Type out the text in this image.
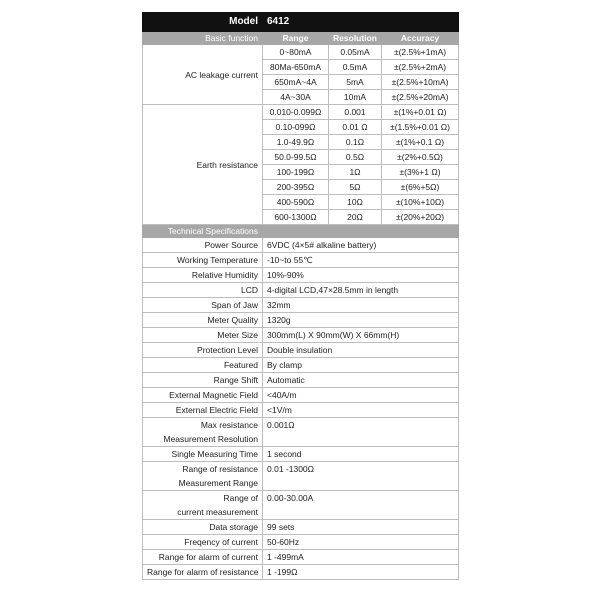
Model	6412		
Basic function	Range	Resolution	Accuracy
AC leakage current	0~80mA	0.05mA	±(2.5%+1mA)
	80Ma-650mA	0.5mA	±(2.5%+2mA)
	650mA~4A	5mA	±(2.5%+10mA)
	4A~30A	10mA	±(2.5%+20mA)
Earth resistance	0.010-0.099Ω	0.001	±(1%+0.01 Ω)
	0.10-099Ω	0.01 Ω	±(1.5%+0.01 Ω)
	1.0-49.9Ω	0.1Ω	±(1%+0.1 Ω)
	50.0-99.5Ω	0.5Ω	±(2%+0.5Ω)
	100-199Ω	1Ω	±(3%+1 Ω)
	200-395Ω	5Ω	±(6%+5Ω)
	400-590Ω	10Ω	±(10%+10Ω)
	600-1300Ω	20Ω	±(20%+20Ω)
Technical Specifications			
Power Source	6VDC (4×5# alkaline battery)		
Working Temperature	-10~to 55℃		
Relative Humidity	10%-90%		
LCD	4-digital LCD,47×28.5mm in length		
Span of Jaw	32mm		
Meter Quality	1320g		
Meter Size	300mm(L) X 90mm(W) X 66mm(H)		
Protection Level	Double insulation		
Featured	By clamp		
Range Shift	Automatic		
External Magnetic Field	<40A/m		
External Electric Field	<1V/m		
Max resistance
Measurement Resolution	0.001Ω		
Single Measuring Time	1 second		
Range of resistance
Measurement Range	0.01 -1300Ω		
Range of
current measurement	0.00-30.00A		
Data storage	99 sets		
Freqency of current	50-60Hz		
Range for alarm of current	1 -499mA		
Range for alarm of resistance	1 -199Ω		
